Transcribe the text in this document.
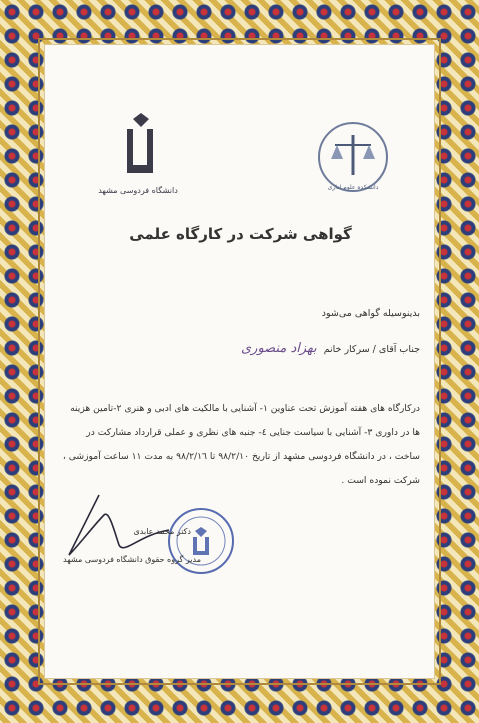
دانشگاه فردوسی مشهد	دانشکده علوم اداری
گواهی شرکت در کارگاه علمی
بدینوسیله گواهی می‌شود
جناب آقای / سرکار خانم بهزاد منصوری
درکارگاه های هفته آموزش تحت عناوین ۱- آشنایی با مالکیت های ادبی و هنری ۲-تامین هزینه ها در داوری ۳- آشنایی با سیاست جنایی ٤- جنبه های نظری و عملی قرارداد مشارکت در ساخت ، در دانشگاه فردوسی مشهد از تاریخ ۹۸/۲/۱۰ تا ۹۸/۲/۱٦ به مدت ۱۱ ساعت آموزشی ، شرکت نموده است .
دکتر محمد عابدی
مدیر گروه حقوق دانشگاه فردوسی مشهد
